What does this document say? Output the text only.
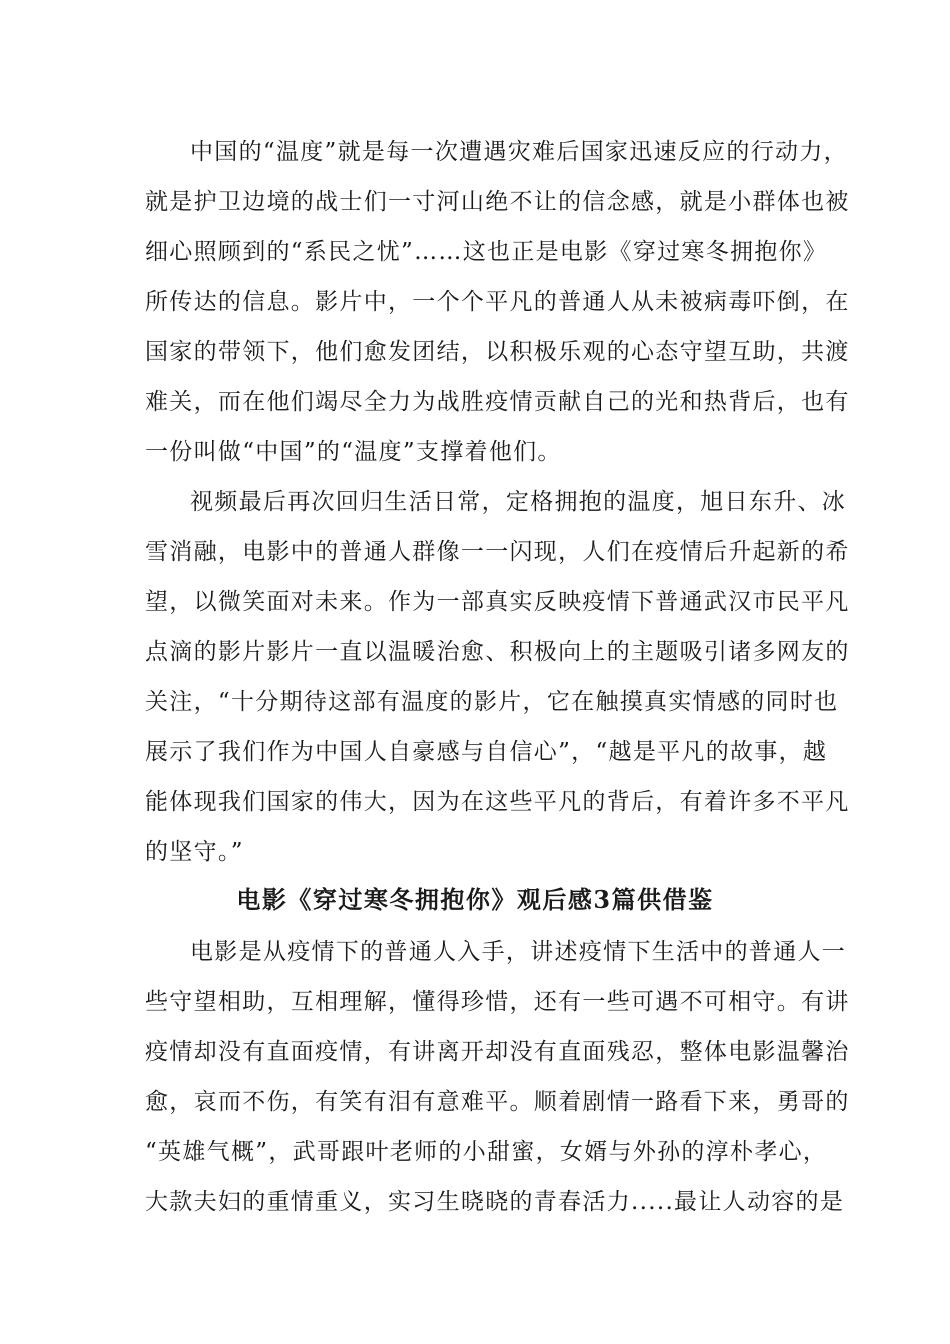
中国的“温度”就是每一次遭遇灾难后国家迅速反应的行动力，
就是护卫边境的战士们一寸河山绝不让的信念感，就是小群体也被
细心照顾到的“系民之忧”……这也正是电影《穿过寒冬拥抱你》
所传达的信息。影片中，一个个平凡的普通人从未被病毒吓倒，在
国家的带领下，他们愈发团结，以积极乐观的心态守望互助，共渡
难关，而在他们竭尽全力为战胜疫情贡献自己的光和热背后，也有
一份叫做“中国”的“温度”支撑着他们。
视频最后再次回归生活日常，定格拥抱的温度，旭日东升、冰
雪消融，电影中的普通人群像一一闪现，人们在疫情后升起新的希
望，以微笑面对未来。作为一部真实反映疫情下普通武汉市民平凡
点滴的影片影片一直以温暖治愈、积极向上的主题吸引诸多网友的
关注，“十分期待这部有温度的影片，它在触摸真实情感的同时也
展示了我们作为中国人自豪感与自信心”，“越是平凡的故事，越
能体现我们国家的伟大，因为在这些平凡的背后，有着许多不平凡
的坚守。”
电影《穿过寒冬拥抱你》观后感3篇供借鉴
电影是从疫情下的普通人入手，讲述疫情下生活中的普通人一
些守望相助，互相理解，懂得珍惜，还有一些可遇不可相守。有讲
疫情却没有直面疫情，有讲离开却没有直面残忍，整体电影温馨治
愈，哀而不伤，有笑有泪有意难平。顺着剧情一路看下来，勇哥的
“英雄气概”，武哥跟叶老师的小甜蜜，女婿与外孙的淳朴孝心，
大款夫妇的重情重义，实习生晓晓的青春活力.....最让人动容的是
